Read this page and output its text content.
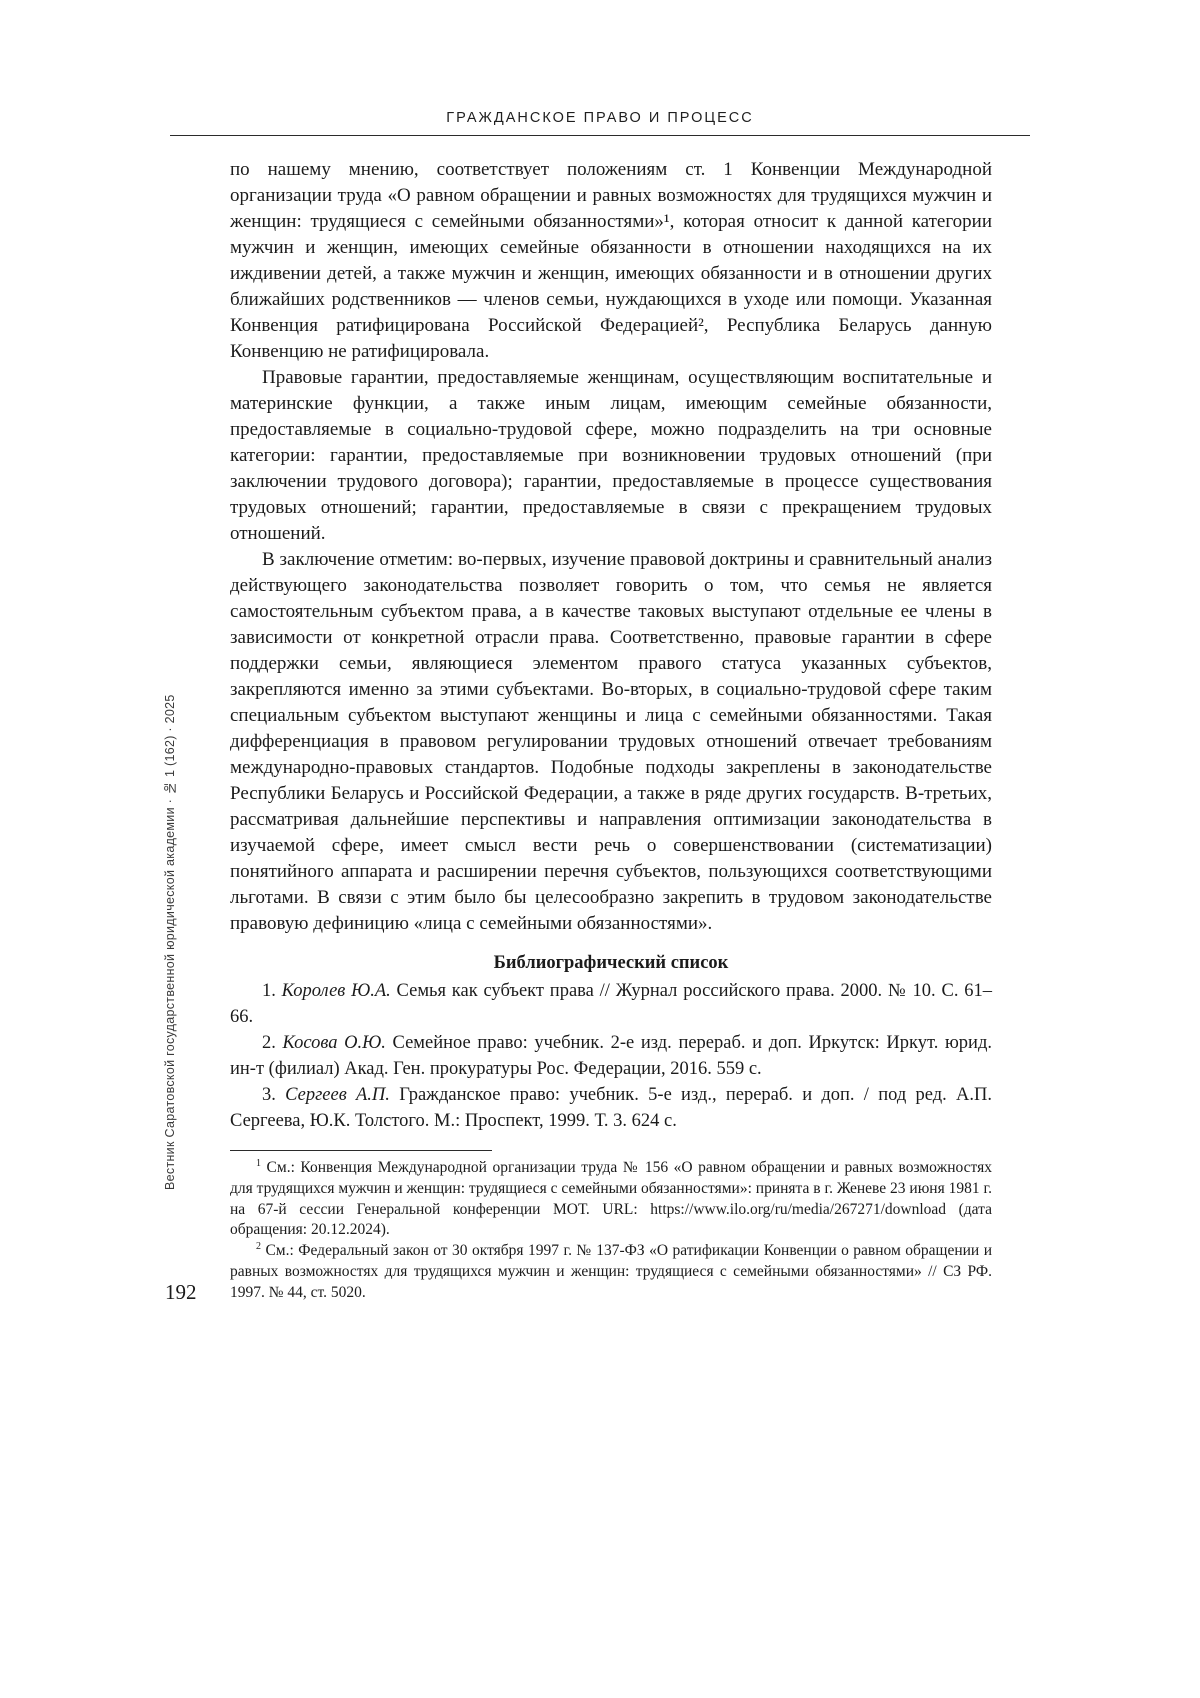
ГРАЖДАНСКОЕ ПРАВО И ПРОЦЕСС
Вестник Саратовской государственной юридической академии · № 1 (162) · 2025
192

по нашему мнению, соответствует положениям ст. 1 Конвенции Международной организации труда «О равном обращении и равных возможностях для трудящихся мужчин и женщин: трудящиеся с семейными обязанностями»¹, которая относит к данной категории мужчин и женщин, имеющих семейные обязанности в отношении находящихся на их иждивении детей, а также мужчин и женщин, имеющих обязанности и в отношении других ближайших родственников — членов семьи, нуждающихся в уходе или помощи. Указанная Конвенция ратифицирована Российской Федерацией², Республика Беларусь данную Конвенцию не ратифицировала.

Правовые гарантии, предоставляемые женщинам, осуществляющим воспитательные и материнские функции, а также иным лицам, имеющим семейные обязанности, предоставляемые в социально-трудовой сфере, можно подразделить на три основные категории: гарантии, предоставляемые при возникновении трудовых отношений (при заключении трудового договора); гарантии, предоставляемые в процессе существования трудовых отношений; гарантии, предоставляемые в связи с прекращением трудовых отношений.

В заключение отметим: во-первых, изучение правовой доктрины и сравнительный анализ действующего законодательства позволяет говорить о том, что семья не является самостоятельным субъектом права, а в качестве таковых выступают отдельные ее члены в зависимости от конкретной отрасли права. Соответственно, правовые гарантии в сфере поддержки семьи, являющиеся элементом правого статуса указанных субъектов, закрепляются именно за этими субъектами. Во-вторых, в социально-трудовой сфере таким специальным субъектом выступают женщины и лица с семейными обязанностями. Такая дифференциация в правовом регулировании трудовых отношений отвечает требованиям международно-правовых стандартов. Подобные подходы закреплены в законодательстве Республики Беларусь и Российской Федерации, а также в ряде других государств. В-третьих, рассматривая дальнейшие перспективы и направления оптимизации законодательства в изучаемой сфере, имеет смысл вести речь о совершенствовании (систематизации) понятийного аппарата и расширении перечня субъектов, пользующихся соответствующими льготами. В связи с этим было бы целесообразно закрепить в трудовом законодательстве правовую дефиницию «лица с семейными обязанностями».

Библиографический список

1. Королев Ю.А. Семья как субъект права // Журнал российского права. 2000. № 10. С. 61–66.

2. Косова О.Ю. Семейное право: учебник. 2-е изд. перераб. и доп. Иркутск: Иркут. юрид. ин-т (филиал) Акад. Ген. прокуратуры Рос. Федерации, 2016. 559 с.

3. Сергеев А.П. Гражданское право: учебник. 5-е изд., перераб. и доп. / под ред. А.П. Сергеева, Ю.К. Толстого. М.: Проспект, 1999. Т. 3. 624 с.

$^1$ См.: Конвенция Международной организации труда № 156 «О равном обращении и равных возможностях для трудящихся мужчин и женщин: трудящиеся с семейными обязанностями»: принята в г. Женеве 23 июня 1981 г. на 67-й сессии Генеральной конференции МОТ. URL: https://www.ilo.org/ru/media/267271/download (дата обращения: 20.12.2024).

$^2$ См.: Федеральный закон от 30 октября 1997 г. № 137-ФЗ «О ратификации Конвенции о равном обращении и равных возможностях для трудящихся мужчин и женщин: трудящиеся с семейными обязанностями» // СЗ РФ. 1997. № 44, ст. 5020.
